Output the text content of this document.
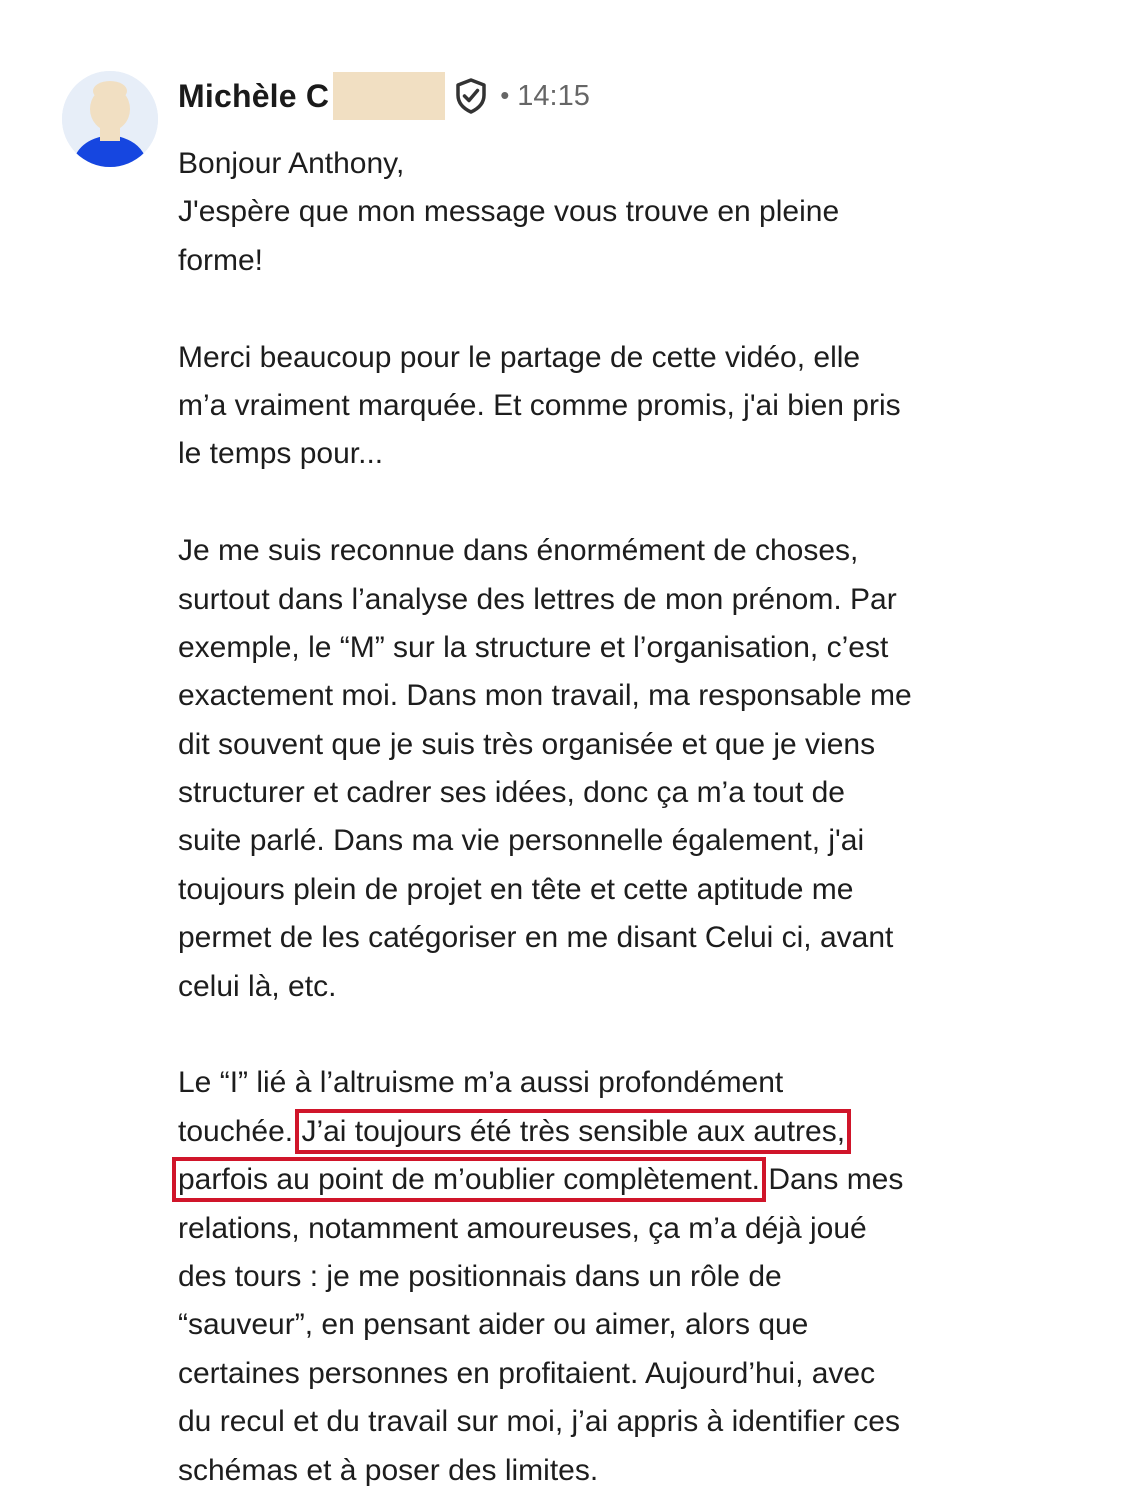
Michèle C	• 14:15
Bonjour Anthony,
J'espère que mon message vous trouve en pleine
forme!
Merci beaucoup pour le partage de cette vidéo, elle
m’a vraiment marquée. Et comme promis, j'ai bien pris
le temps pour...
Je me suis reconnue dans énormément de choses,
surtout dans l’analyse des lettres de mon prénom. Par
exemple, le “M” sur la structure et l’organisation, c’est
exactement moi. Dans mon travail, ma responsable me
dit souvent que je suis très organisée et que je viens
structurer et cadrer ses idées, donc ça m’a tout de
suite parlé. Dans ma vie personnelle également, j'ai
toujours plein de projet en tête et cette aptitude me
permet de les catégoriser en me disant Celui ci, avant
celui là, etc.
Le “I” lié à l’altruisme m’a aussi profondément
touchée. J’ai toujours été très sensible aux autres,
parfois au point de m’oublier complètement. Dans mes
relations, notamment amoureuses, ça m’a déjà joué
des tours : je me positionnais dans un rôle de
“sauveur”, en pensant aider ou aimer, alors que
certaines personnes en profitaient. Aujourd’hui, avec
du recul et du travail sur moi, j’ai appris à identifier ces
schémas et à poser des limites.
